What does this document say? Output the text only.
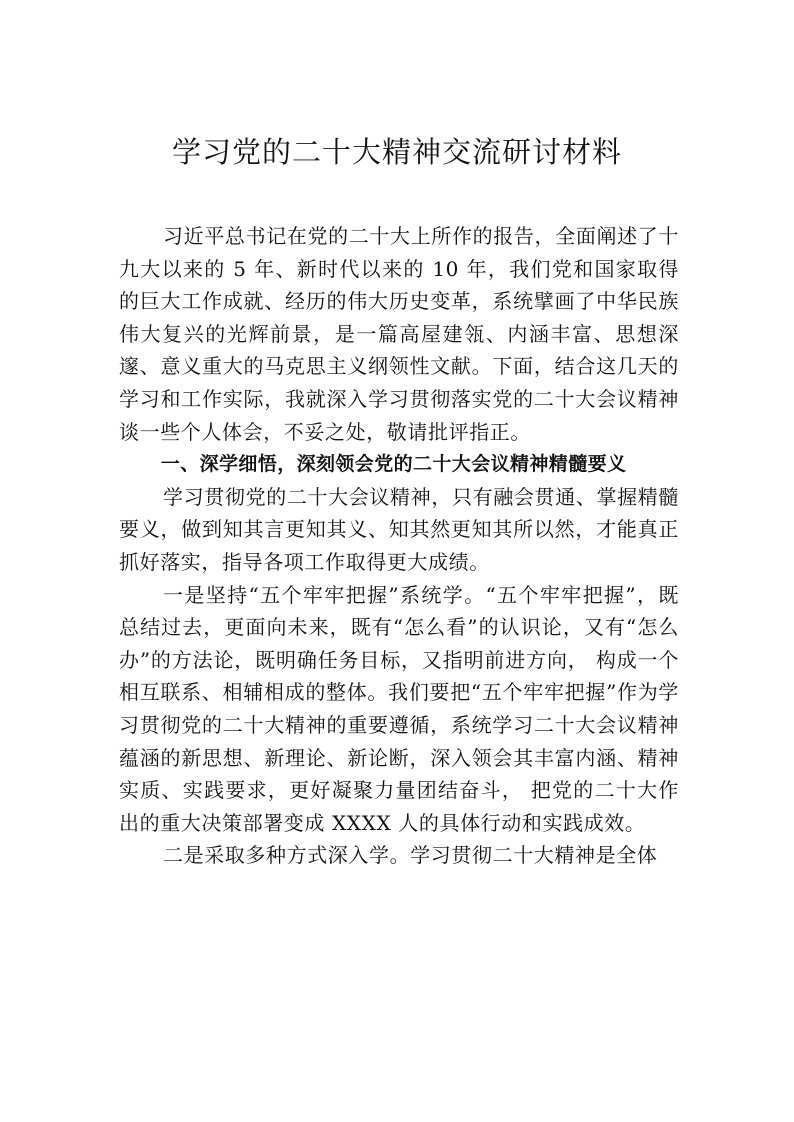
学习党的二十大精神交流研讨材料

习近平总书记在党的二十大上所作的报告，全面阐述了十九大以来的 5 年、新时代以来的 10 年，我们党和国家取得的巨大工作成就、经历的伟大历史变革，系统擘画了中华民族伟大复兴的光辉前景，是一篇高屋建瓴、内涵丰富、思想深邃、意义重大的马克思主义纲领性文献。下面，结合这几天的学习和工作实际，我就深入学习贯彻落实党的二十大会议精神谈一些个人体会，不妥之处，敬请批评指正。

一、深学细悟，深刻领会党的二十大会议精神精髓要义

学习贯彻党的二十大会议精神，只有融会贯通、掌握精髓要义，做到知其言更知其义、知其然更知其所以然，才能真正抓好落实，指导各项工作取得更大成绩。

一是坚持“五个牢牢把握”系统学。“五个牢牢把握”，既总结过去，更面向未来，既有“怎么看”的认识论，又有“怎么办”的方法论，既明确任务目标，又指明前进方向， 构成一个相互联系、相辅相成的整体。我们要把“五个牢牢把握”作为学习贯彻党的二十大精神的重要遵循，系统学习二十大会议精神蕴涵的新思想、新理论、新论断，深入领会其丰富内涵、精神实质、实践要求，更好凝聚力量团结奋斗， 把党的二十大作出的重大决策部署变成 XXXX 人的具体行动和实践成效。

二是采取多种方式深入学。学习贯彻二十大精神是全体
